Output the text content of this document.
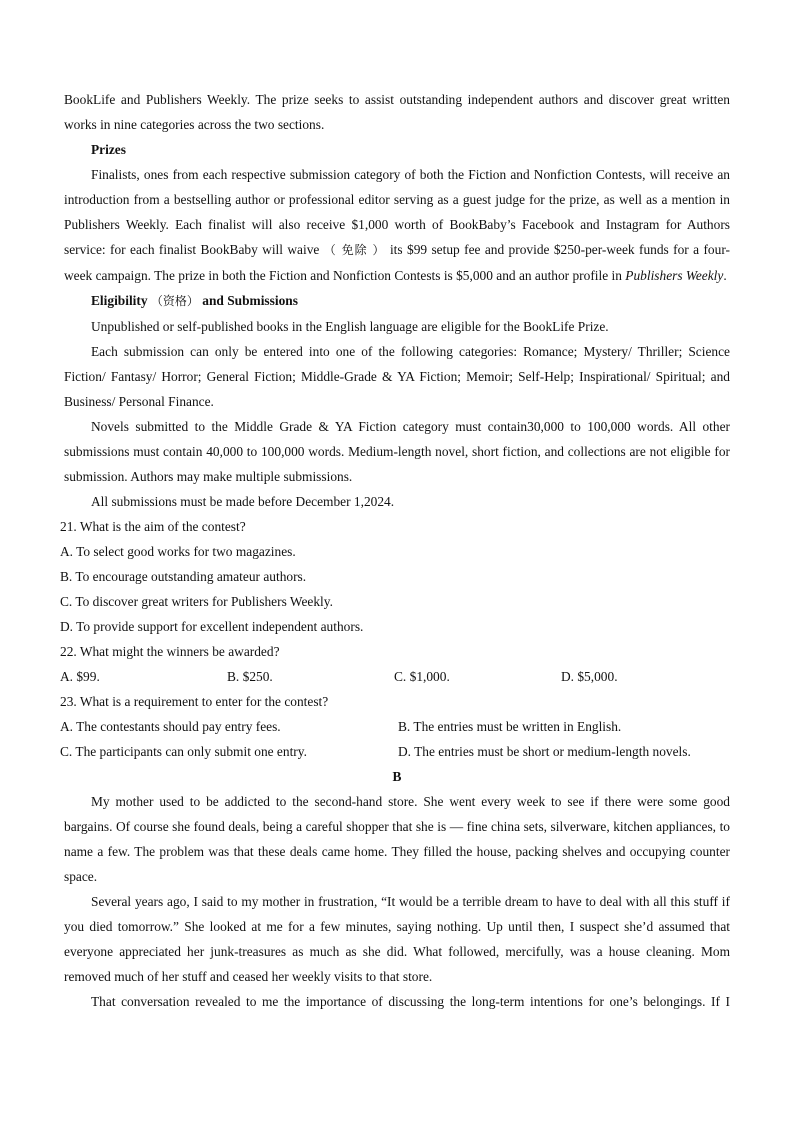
BookLife and Publishers Weekly. The prize seeks to assist outstanding independent authors and discover great written works in nine categories across the two sections.

Prizes

Finalists, ones from each respective submission category of both the Fiction and Nonfiction Contests, will receive an introduction from a bestselling author or professional editor serving as a guest judge for the prize, as well as a mention in Publishers Weekly. Each finalist will also receive $1,000 worth of BookBaby’s Facebook and Instagram for Authors service: for each finalist BookBaby will waive （ 免除 ） its $99 setup fee and provide $250-per-week funds for a four-week campaign. The prize in both the Fiction and Nonfiction Contests is $5,000 and an author profile in Publishers Weekly.

Eligibility （资格） and Submissions

Unpublished or self-published books in the English language are eligible for the BookLife Prize.

Each submission can only be entered into one of the following categories: Romance; Mystery/ Thriller; Science Fiction/ Fantasy/ Horror; General Fiction; Middle-Grade & YA Fiction; Memoir; Self-Help; Inspirational/ Spiritual; and Business/ Personal Finance.

Novels submitted to the Middle Grade & YA Fiction category must contain30,000 to 100,000 words. All other submissions must contain 40,000 to 100,000 words. Medium-length novel, short fiction, and collections are not eligible for submission. Authors may make multiple submissions.

All submissions must be made before December 1,2024.

21. What is the aim of the contest?

A. To select good works for two magazines.

B. To encourage outstanding amateur authors.

C. To discover great writers for Publishers Weekly.

D. To provide support for excellent independent authors.

22. What might the winners be awarded?

A. $99.	B. $250.	C. $1,000.	D. $5,000.

23. What is a requirement to enter for the contest?

A. The contestants should pay entry fees.	B. The entries must be written in English.
C. The participants can only submit one entry.	D. The entries must be short or medium-length novels.

B

My mother used to be addicted to the second-hand store. She went every week to see if there were some good bargains. Of course she found deals, being a careful shopper that she is — fine china sets, silverware, kitchen appliances, to name a few. The problem was that these deals came home. They filled the house, packing shelves and occupying counter space.

Several years ago, I said to my mother in frustration, “It would be a terrible dream to have to deal with all this stuff if you died tomorrow.” She looked at me for a few minutes, saying nothing. Up until then, I suspect she’d assumed that everyone appreciated her junk-treasures as much as she did. What followed, mercifully, was a house cleaning. Mom removed much of her stuff and ceased her weekly visits to that store.

That conversation revealed to me the importance of discussing the long-term intentions for one’s belongings. If I
